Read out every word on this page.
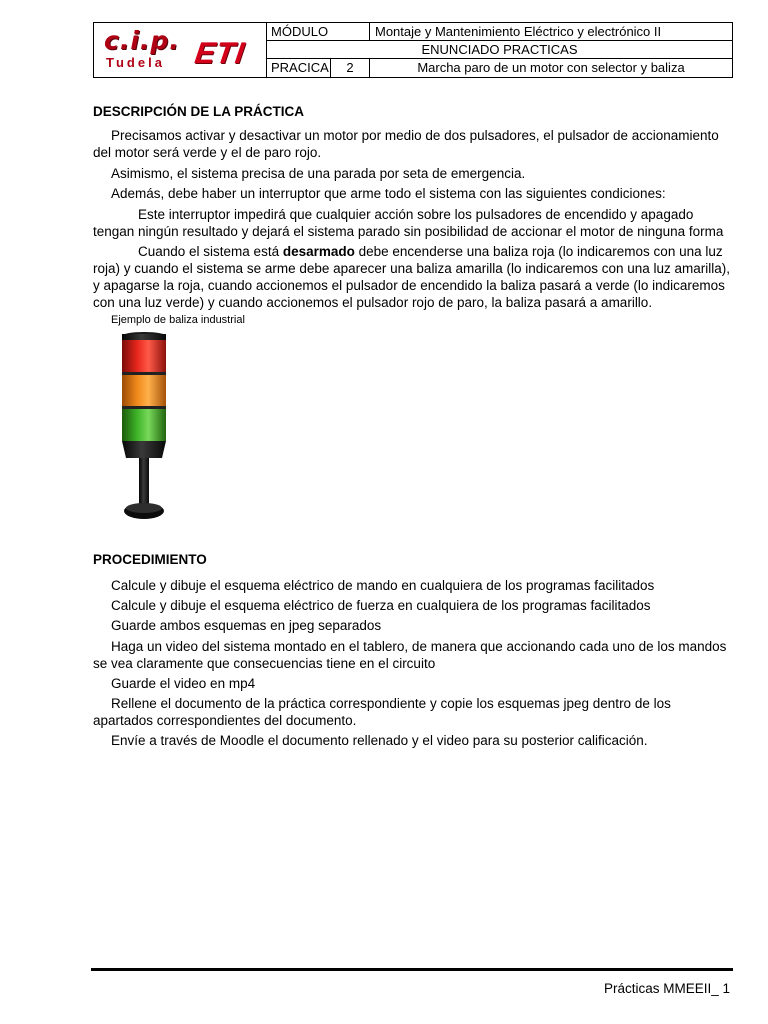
c.i.p.
Tudela ETI
MÓDULO	Montaje y Mantenimiento Eléctrico y electrónico II
ENUNCIADO PRACTICAS
PRACICA	2	Marcha paro de un motor con selector y baliza
DESCRIPCIÓN DE LA PRÁCTICA
Precisamos activar y desactivar un motor por medio de dos pulsadores, el pulsador de accionamiento del motor será verde y el de paro rojo.
Asimismo, el sistema precisa de una parada por seta de emergencia.
Además, debe haber un interruptor que arme todo el sistema con las siguientes condiciones:
Este interruptor impedirá que cualquier acción sobre los pulsadores de encendido y apagado tengan ningún resultado y dejará el sistema parado sin posibilidad de accionar el motor de ninguna forma
Cuando el sistema está desarmado debe encenderse una baliza roja (lo indicaremos con una luz roja) y cuando el sistema se arme debe aparecer una baliza amarilla (lo indicaremos con una luz amarilla), y apagarse la roja, cuando accionemos el pulsador de encendido la baliza pasará a verde (lo indicaremos con una luz verde) y cuando accionemos el pulsador rojo de paro, la baliza pasará a amarillo.
Ejemplo de baliza industrial
PROCEDIMIENTO
Calcule y dibuje el esquema eléctrico de mando en cualquiera de los programas facilitados
Calcule y dibuje el esquema eléctrico de fuerza en cualquiera de los programas facilitados
Guarde ambos esquemas en jpeg separados
Haga un video del sistema montado en el tablero, de manera que accionando cada uno de los mandos se vea claramente que consecuencias tiene en el circuito
Guarde el video en mp4
Rellene el documento de la práctica correspondiente y copie los esquemas jpeg dentro de los apartados correspondientes del documento.
Envíe a través de Moodle el documento rellenado y el video para su posterior calificación.
Prácticas MMEEII_ 1
